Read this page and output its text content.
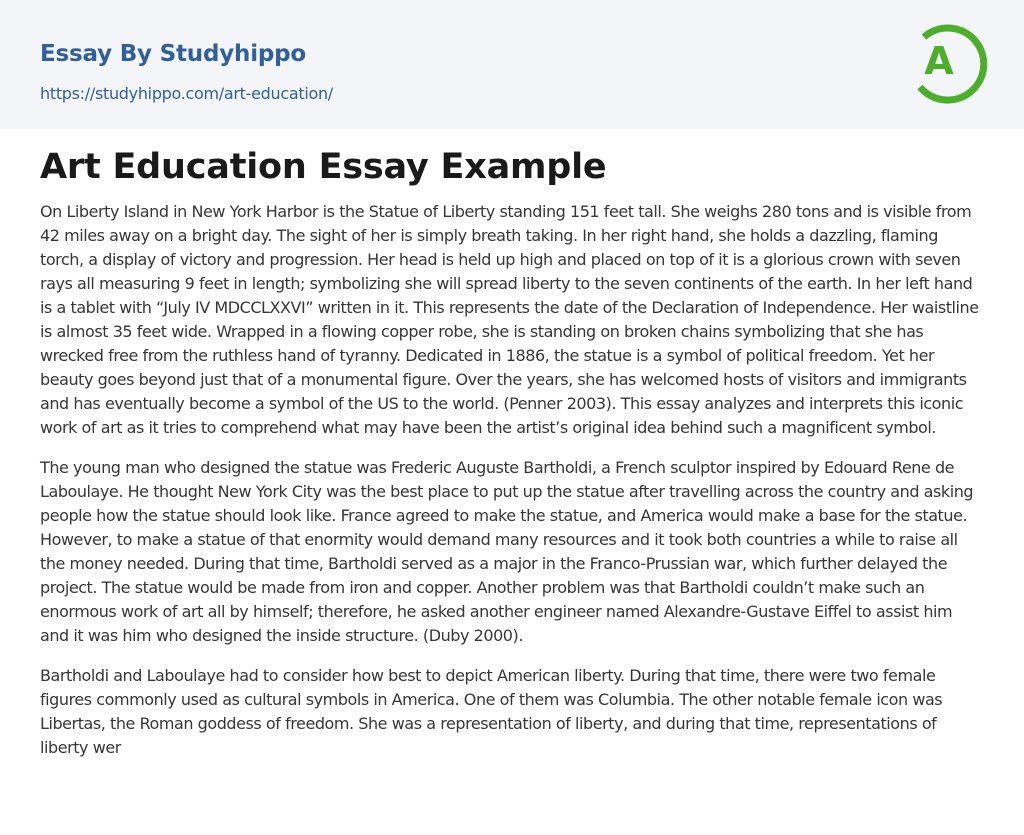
Essay By Studyhippo
https://studyhippo.com/art-education/
A
Art Education Essay Example

On Liberty Island in New York Harbor is the Statue of Liberty standing 151 feet tall. She weighs 280 tons and is visible from 42 miles away on a bright day. The sight of her is simply breath taking. In her right hand, she holds a dazzling, flaming torch, a display of victory and progression. Her head is held up high and placed on top of it is a glorious crown with seven rays all measuring 9 feet in length; symbolizing she will spread liberty to the seven continents of the earth. In her left hand is a tablet with “July IV MDCCLXXVI” written in it. This represents the date of the Declaration of Independence. Her waistline is almost 35 feet wide. Wrapped in a flowing copper robe, she is standing on broken chains symbolizing that she has wrecked free from the ruthless hand of tyranny. Dedicated in 1886, the statue is a symbol of political freedom. Yet her beauty goes beyond just that of a monumental figure. Over the years, she has welcomed hosts of visitors and immigrants and has eventually become a symbol of the US to the world. (Penner 2003). This essay analyzes and interprets this iconic work of art as it tries to comprehend what may have been the artist’s original idea behind such a magnificent symbol.

The young man who designed the statue was Frederic Auguste Bartholdi, a French sculptor inspired by Edouard Rene de Laboulaye. He thought New York City was the best place to put up the statue after travelling across the country and asking people how the statue should look like. France agreed to make the statue, and America would make a base for the statue. However, to make a statue of that enormity would demand many resources and it took both countries a while to raise all the money needed. During that time, Bartholdi served as a major in the Franco-Prussian war, which further delayed the project. The statue would be made from iron and copper. Another problem was that Bartholdi couldn’t make such an enormous work of art all by himself; therefore, he asked another engineer named Alexandre-Gustave Eiffel to assist him and it was him who designed the inside structure. (Duby 2000).

Bartholdi and Laboulaye had to consider how best to depict American liberty. During that time, there were two female figures commonly used as cultural symbols in America. One of them was Columbia. The other notable female icon was Libertas, the Roman goddess of freedom. She was a representation of liberty, and during that time, representations of liberty wer
